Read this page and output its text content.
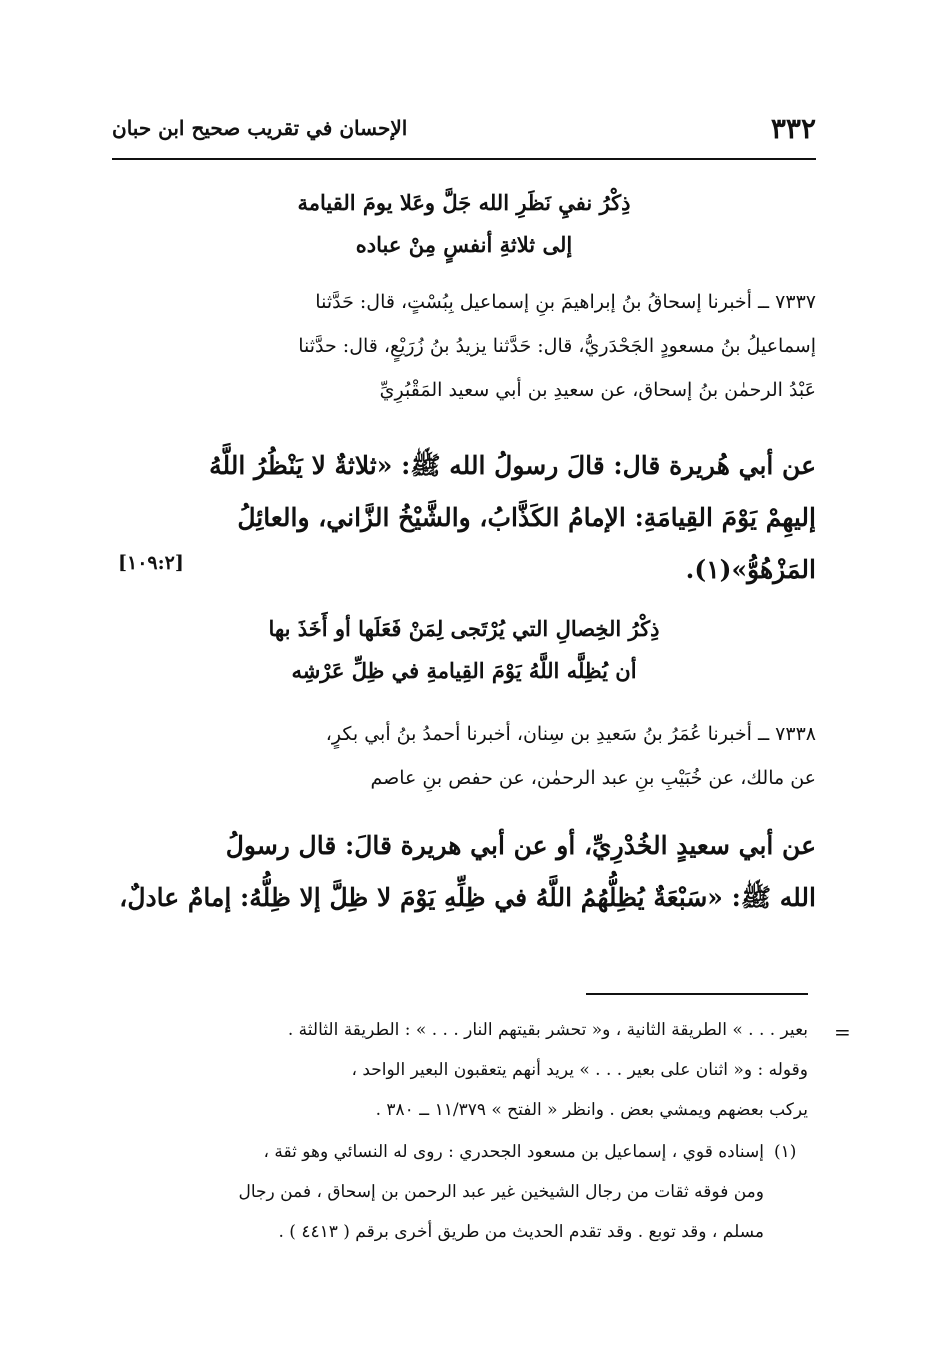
الإحسان في تقريب صحيح ابن حبان	٣٣٢
ذِكْرُ نفيِ نَظَرِ الله جَلَّ وعَلا يومَ القيامة
إلى ثلاثةِ أنفسٍ مِنْ عباده
٧٣٣٧ ــ أخبرنا إسحاقُ بنُ إبراهيمَ بنِ إسماعيل بِبُسْتٍ، قال: حَدَّثنا
إسماعيلُ بنُ مسعودٍ الجَحْدَريُّ، قال: حَدَّثنا يزيدُ بنُ زُرَيْعٍ، قال: حدَّثنا
عَبْدُ الرحمٰن بنُ إسحاق، عن سعيدِ بن أبي سعيد المَقْبُرِيِّ
عن أبي هُريرة قال: قالَ رسولُ الله ﷺ: «ثلاثةٌ لا يَنْظُرُ اللَّهُ
إليهِمْ يَوْمَ القِيامَةِ: الإمامُ الكَذَّابُ، والشَّيْخُ الزَّاني، والعائِلُ
المَزْهُوُّ»(١).
[١٠٩:٢]
ذِكْرُ الخِصالِ التي يُرْتَجى لِمَنْ فَعَلَها أو أَخَذَ بها
أن يُظِلَّه اللَّهُ يَوْمَ القِيامةِ في ظِلِّ عَرْشِه
٧٣٣٨ ــ أخبرنا عُمَرُ بنُ سَعيدِ بن سِنان، أخبرنا أحمدُ بنُ أبي بكرٍ،
عن مالك، عن خُبَيْبِ بنِ عبد الرحمٰن، عن حفص بنِ عاصم
عن أبي سعيدٍ الخُدْرِيِّ، أو عن أبي هريرة قالَ: قال رسولُ
الله ﷺ: «سَبْعَةٌ يُظِلُّهُمُ اللَّهُ في ظِلِّهِ يَوْمَ لا ظِلَّ إلا ظِلُّهُ: إمامٌ عادلٌ،
=
بعير . . . » الطريقة الثانية ، و« تحشر بقيتهم النار . . . » : الطريقة الثالثة .
وقوله : و« اثنان على بعير . . . » يريد أنهم يتعقبون البعير الواحد ،
يركب بعضهم ويمشي بعض . وانظر « الفتح » ١١/٣٧٩ ــ ٣٨٠ .
(١)
إسناده قوي ، إسماعيل بن مسعود الجحدري : روى له النسائي وهو ثقة ،
ومن فوقه ثقات من رجال الشيخين غير عبد الرحمن بن إسحاق ، فمن رجال
مسلم ، وقد توبع . وقد تقدم الحديث من طريق أخرى برقم ( ٤٤١٣ ) .
